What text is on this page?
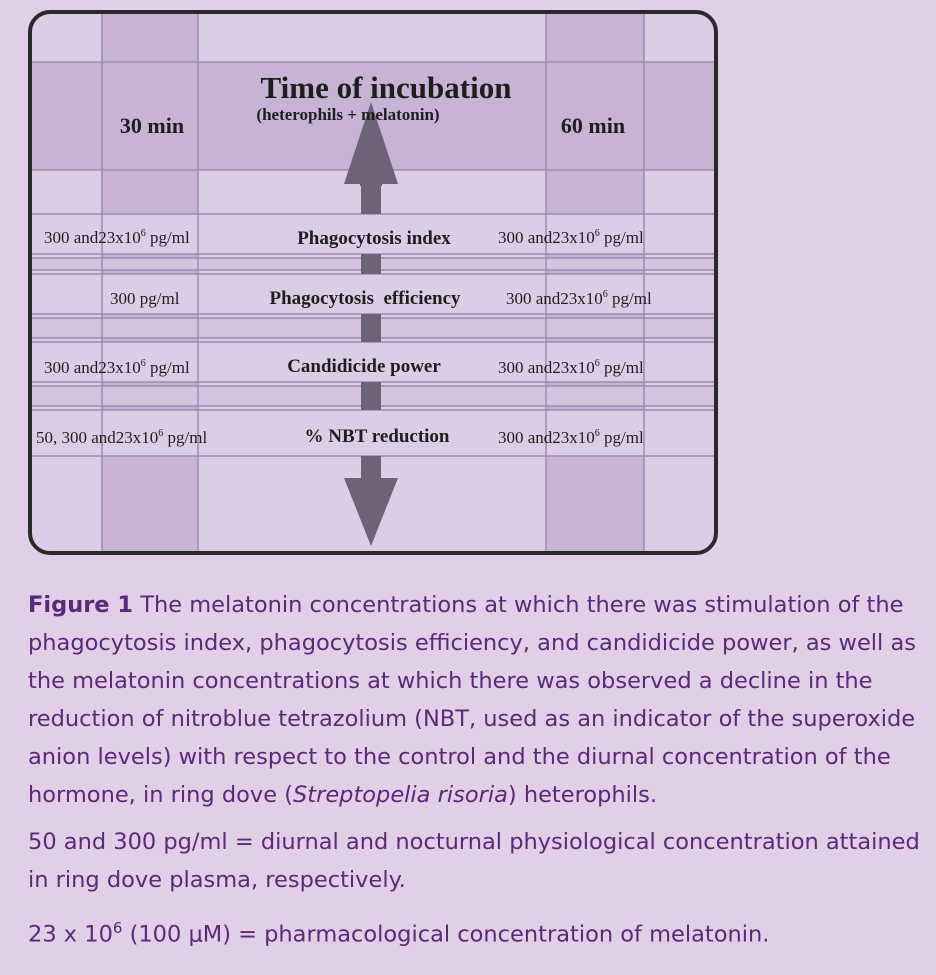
Time of incubation
(heterophils + melatonin)
30 min	60 min
300 $and23x10^6$ pg/ml	Phagocytosis index	300 $and23x10^6$ pg/ml
300 pg/ml	Phagocytosis  efficiency	300 $and23x10^6$ pg/ml
300 $and23x10^6$ pg/ml	Candidicide power	300 $and23x10^6$ pg/ml
50, 300 $and23x10^6$ pg/ml	% NBT reduction	300 $and23x10^6$ pg/ml

Figure 1 The melatonin concentrations at which there was stimulation of the phagocytosis index, phagocytosis efficiency, and candidicide power, as well as the melatonin concentrations at which there was observed a decline in the reduction of nitroblue tetrazolium (NBT, used as an indicator of the superoxide anion levels) with respect to the control and the diurnal concentration of the hormone, in ring dove (Streptopelia risoria) heterophils.

50 and 300 pg/ml = diurnal and nocturnal physiological concentration attained in ring dove plasma, respectively.

23 x $10^6$ (100 μM) = pharmacological concentration of melatonin.
